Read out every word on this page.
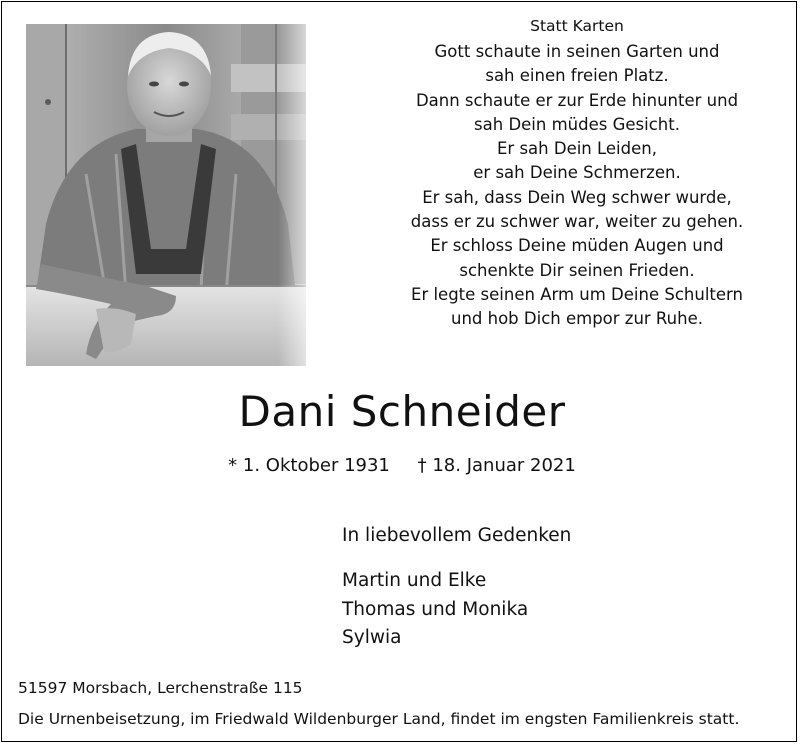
Statt Karten
Gott schaute in seinen Garten und
sah einen freien Platz.
Dann schaute er zur Erde hinunter und
sah Dein müdes Gesicht.
Er sah Dein Leiden,
er sah Deine Schmerzen.
Er sah, dass Dein Weg schwer wurde,
dass er zu schwer war, weiter zu gehen.
Er schloss Deine müden Augen und
schenkte Dir seinen Frieden.
Er legte seinen Arm um Deine Schultern
und hob Dich empor zur Ruhe.
Dani Schneider
* 1. Oktober 1931 † 18. Januar 2021
In liebevollem Gedenken
Martin und Elke
Thomas und Monika
Sylwia
51597 Morsbach, Lerchenstraße 115
Die Urnenbeisetzung, im Friedwald Wildenburger Land, findet im engsten Familienkreis statt.
